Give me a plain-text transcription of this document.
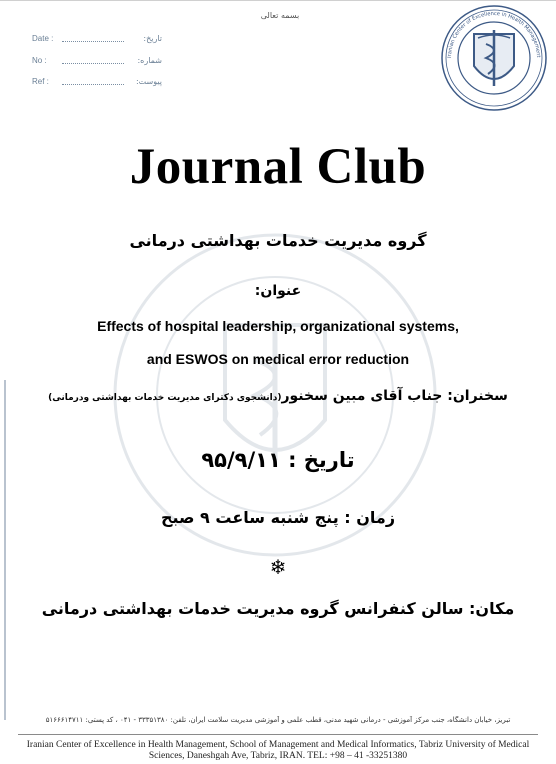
بسمه تعالی
Date :	تاریخ:
No :	شماره:
Ref :	پیوست:
Iranian Center of Excellence in Health Management
Journal Club
گروه مدیریت خدمات بهداشتی درمانی
عنوان:
Effects of hospital leadership, organizational systems,
and ESWOS on medical error reduction
سخنران: جناب آقای مبین سخنور(دانشجوی دکترای مدیریت خدمات بهداشتی ودرمانی)
تاریخ : ۹۵/۹/۱۱
زمان : پنج شنبه ساعت ۹ صبح
❄
مکان: سالن کنفرانس گروه مدیریت خدمات بهداشتی درمانی
تبریز، خیابان دانشگاه، جنب مرکز آموزشی - درمانی شهید مدنی، قطب علمی و آموزشی مدیریت سلامت ایران، تلفن: ۳۳۳۵۱۳۸۰ - ۰۴۱ ، کد پستی: ۵۱۶۶۶۱۴۷۱۱
Iranian Center of Excellence in Health Management, School of Management and Medical Informatics, Tabriz University of Medical Sciences, Daneshgah Ave, Tabriz, IRAN. TEL: +98 – 41 -33251380
